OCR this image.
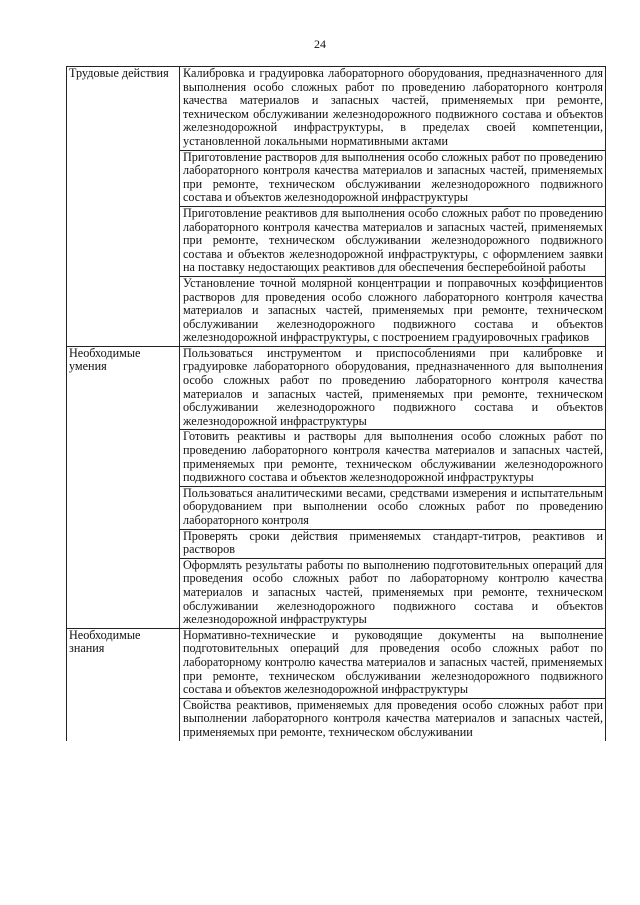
24
Трудовые действия	Калибровка и градуировка лабораторного оборудования, предназначенного для выполнения особо сложных работ по проведению лабораторного контроля качества материалов и запасных частей, применяемых при ремонте, техническом обслуживании железнодорожного подвижного состава и объектов железнодорожной инфраструктуры, в пределах своей компетенции, установленной локальными нормативными актами
	Приготовление растворов для выполнения особо сложных работ по проведению лабораторного контроля качества материалов и запасных частей, применяемых при ремонте, техническом обслуживании железнодорожного подвижного состава и объектов железнодорожной инфраструктуры
	Приготовление реактивов для выполнения особо сложных работ по проведению лабораторного контроля качества материалов и запасных частей, применяемых при ремонте, техническом обслуживании железнодорожного подвижного состава и объектов железнодорожной инфраструктуры, с оформлением заявки на поставку недостающих реактивов для обеспечения бесперебойной работы
	Установление точной молярной концентрации и поправочных коэффициентов растворов для проведения особо сложного лабораторного контроля качества материалов и запасных частей, применяемых при ремонте, техническом обслуживании железнодорожного подвижного состава и объектов железнодорожной инфраструктуры, с построением градуировочных графиков
Необходимые умения	Пользоваться инструментом и приспособлениями при калибровке и градуировке лабораторного оборудования, предназначенного для выполнения особо сложных работ по проведению лабораторного контроля качества материалов и запасных частей, применяемых при ремонте, техническом обслуживании железнодорожного подвижного состава и объектов железнодорожной инфраструктуры
	Готовить реактивы и растворы для выполнения особо сложных работ по проведению лабораторного контроля качества материалов и запасных частей, применяемых при ремонте, техническом обслуживании железнодорожного подвижного состава и объектов железнодорожной инфраструктуры
	Пользоваться аналитическими весами, средствами измерения и испытательным оборудованием при выполнении особо сложных работ по проведению лабораторного контроля
	Проверять сроки действия применяемых стандарт-титров, реактивов и растворов
	Оформлять результаты работы по выполнению подготовительных операций для проведения особо сложных работ по лабораторному контролю качества материалов и запасных частей, применяемых при ремонте, техническом обслуживании железнодорожного подвижного состава и объектов железнодорожной инфраструктуры
Необходимые знания	Нормативно-технические и руководящие документы на выполнение подготовительных операций для проведения особо сложных работ по лабораторному контролю качества материалов и запасных частей, применяемых при ремонте, техническом обслуживании железнодорожного подвижного состава и объектов железнодорожной инфраструктуры
	Свойства реактивов, применяемых для проведения особо сложных работ при выполнении лабораторного контроля качества материалов и запасных частей, применяемых при ремонте, техническом обслуживании
